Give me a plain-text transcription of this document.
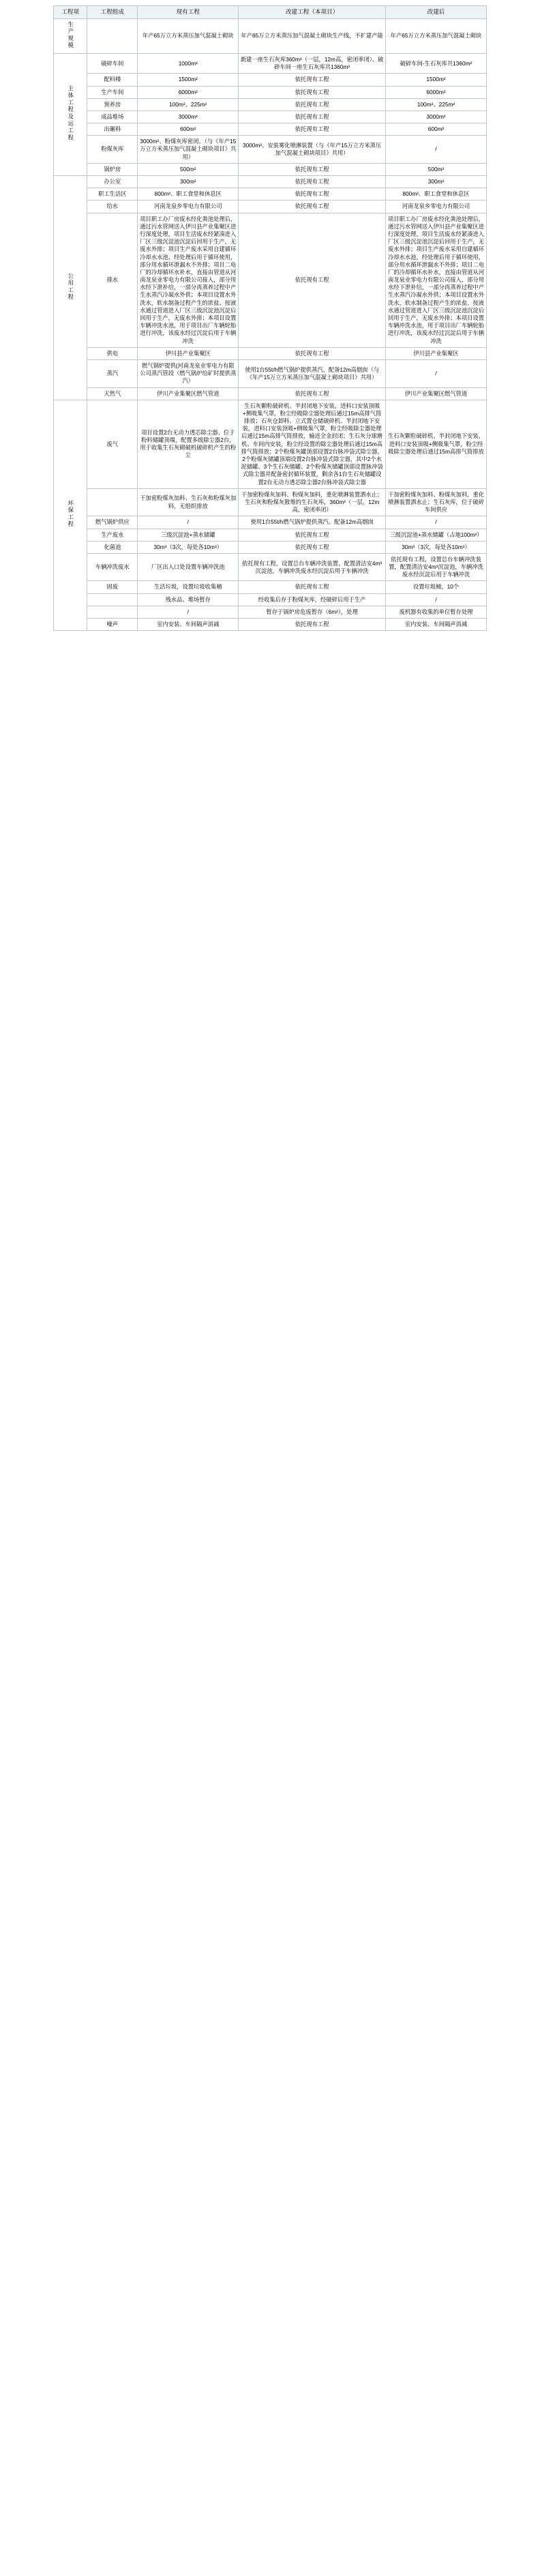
工程项	工程组成	现有工程	改建工程（本项目）	改建后
生产规模		年产65万立方米蒸压加气混凝土砌块	年产65万立方米蒸压加气混凝土砌块生产线，不扩建产能	年产65万立方米蒸压加气混凝土砌块
主体工程及运工程	破碎车间	1000m²	新建一座生石灰库360m²（一层，12m高，密闭率闭）、破碎车间一座生石灰库共1360m²	破碎车间-生石灰库共1360m²
	配料楼	1500m²	依托现有工程	1500m²
	生产车间	6000m²	依托现有工程	6000m²
	预养房	100m²、225m²	依托现有工程	100m²、225m²
	成品堆场	3000m²	依托现有工程	3000m²
	出碾料	600m²	依托现有工程	600m²
	粉煤灰库	3000m²、粉煤灰库密闭、（与《年产15万立方米蒸压加气混凝土砌块项目》共用）	3000m²、安装雾化喷淋装置（与《年产15万立方米蒸压加气混凝土砌块项目》共用）	/
	锅炉房	500m²	依托现有工程	500m²
公用工程	办公室	300m²	依托现有工程	300m²
	职工生活区	800m²、职工食堂和休息区	依托现有工程	800m²、职工食堂和休息区
	给水	河南龙泉乡零电力有限公司	依托现有工程	河南龙泉乡零电力有限公司
排水	项目职工办厂房废水经化粪池处理后，通过污水管网送入伊川县产业集聚区进行深度处理，项目生活废水经紧凑进入厂区三级沉淀池沉淀后回用于生产，无废水外排；项目生产废水采用自建循环冷却水水池，经处理后用于循环使用，部分用水循环泄漏水不外排；项目二电厂的冷却循环水补水，直接由管道从河南龙泉业零电力有限公司接入，部分用水经下泄补给，一部分再蒸养过程中产生水蒸汽冷凝水外供；本项目设置水外洗水，软水制备过程产生的浓盐、按液水通过管道进入厂区三级沉淀池沉淀后回用于生产，无废水外排；本项目设置车辆冲洗水池，用于项目出厂车辆轮胎进行冲洗，该废水经过沉淀后用于车辆冲洗	依托现有工程	项目职工办厂房废水经化粪池处理后，通过污水管网送入伊川县产业集聚区进行深度处理，项目生活废水经紧凑进入厂区三级沉淀池沉淀后回用于生产，无废水外排；项目生产废水采用自建循环冷却水水池，经处理后用于循环使用，部分用水循环泄漏水不外排；项目二电厂的冷却循环水补水，直接由管道从河南龙泉业零电力有限公司接入，部分用水经下泄补给，一部分再蒸养过程中产生水蒸汽冷凝水外供；本项目设置水外洗水，软水制备过程产生的浓盐、按液水通过管道进入厂区三级沉淀池沉淀后回用于生产，无废水外排；本项目设置车辆冲洗水池，用于项目出厂车辆轮胎进行冲洗，该废水经过沉淀后用于车辆冲洗
	供电	伊川县产业集聚区	依托现有工程	伊川县产业集聚区
	蒸汽	燃气锅炉提供(河南龙泉业零电力有限公司蒸汽管段（燃气锅炉给矿时提供蒸汽）	使用1台55t/h燃气锅炉提供蒸汽。配备12m高烟囱（与《年产15万立方米蒸压加气混凝土砌块项目》共用）	/
	天然气	伊川产业集聚区燃气管道	依托现有工程	伊川产业集聚区燃气管道
环保工程	废气	项目设置2台无动力透芯除尘器、位于粉料储罐顶端，配置多级除尘器2台，用于收集生石灰砌破机破碎机产生的粉尘	生石灰颗粒破碎机、半封闭地下安装，进料口安装顶吸+侧吸集气罩，粉尘经吸除尘器处理后通过15m高排气筒排放；石灰仓卸料、立式置仓储破碎机、半封闭地下安装，进料口安装顶吸+侧吸集气罩，粉尘经吸除尘器处理后通过15m高排气筒排放，输送全金封闭；生石灰分球磨机、车间内安装，粉尘经设置的除尘器处理后通过15m高排气筒排放；2个粉煤灰罐顶部设置2台脉冲袋式除尘器，2个粉煤灰储罐顶端设置2台脉冲袋式除尘器，其中2个水泥储罐、3个生石灰储罐、2个粉煤灰储罐顶部设置脉冲袋式除尘器并配备密封循环装置，剩余各1台生石灰储罐设置2台无动力透芯除尘器2台脉冲袋式除尘器	生石灰颗粒破碎机、半封闭地下安装，进料口安装顶吸+侧吸集气罩，粉尘经吸除尘器处理后通过15m高排气筒排放
		干加密粉煤灰加料、生石灰和粉煤灰加料，无组织排放	干加密粉煤灰加料、粉煤灰加料，重化喷淋装置洒水止；生石灰和粉煤灰散堆的生石灰库，360m²（一层，12m高，密闭率闭）	干加密粉煤灰加料、粉煤灰加料，重化喷淋装置洒水止；生石灰库，位于破碎车间供应
	燃气锅炉供应	/	使用1台55t/h燃气锅炉提供蒸汽。配备12m高烟囱	/
	生产废水	三级沉淀池+蒸水储罐	依托现有工程	三级沉淀池+蒸水储罐（占地100m²）
	化菌池	30m³（3次，每处各10m³）	依托现有工程	30m³（3次，每处各10m³）
	车辆冲洗废水	厂区出入口处设置车辆冲洗池	依托现有工程，设置总台车辆冲洗装置，配置清洁安4m³沉淀池，车辆冲洗废水经沉淀后用于车辆冲洗	依托现有工程，设置总台车辆冲洗装置，配置清洁安4m³沉淀池，车辆冲洗废水经沉淀后用于车辆冲洗
	固废	生活垃圾，设置垃圾收集桶	依托现有工程	设置垃圾桶，10个
		残水品、堆场暂存	经收集后存于粉煤灰库，经破碎后用于生产	/
		/	暂存于锅炉房危废暂存（6m²），处理	废机器有收集的单位暂存处理
	噪声	室内安装、车间隔声消减	依托现有工程	室内安装、车间隔声消减
